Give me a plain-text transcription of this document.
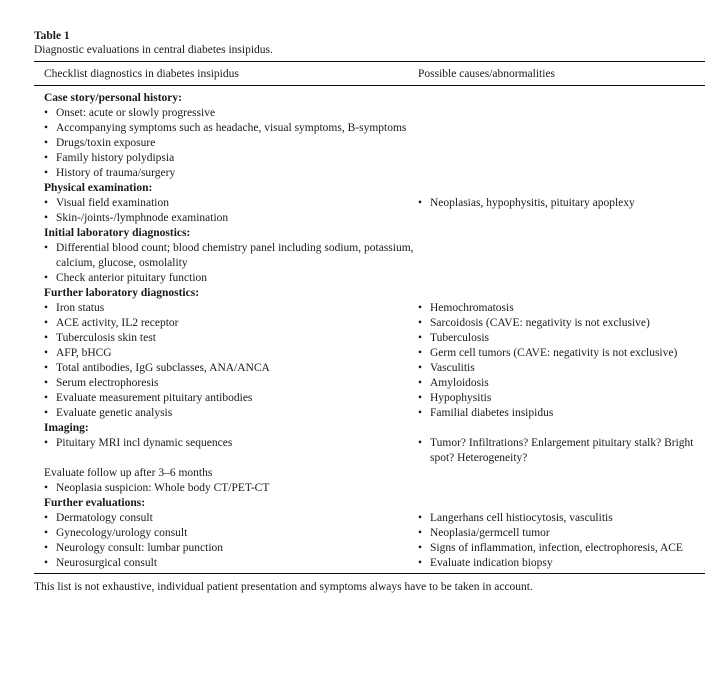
Table 1
Diagnostic evaluations in central diabetes insipidus.
Checklist diagnostics in diabetes insipidus	Possible causes/abnormalities
Case story/personal history:
• Onset: acute or slowly progressive
• Accompanying symptoms such as headache, visual symptoms, B-symptoms
• Drugs/toxin exposure
• Family history polydipsia
• History of trauma/surgery
Physical examination:
• Visual field examination	• Neoplasias, hypophysitis, pituitary apoplexy
• Skin-/joints-/lymphnode examination
Initial laboratory diagnostics:
• Differential blood count; blood chemistry panel including sodium, potassium, calcium, glucose, osmolality
• Check anterior pituitary function
Further laboratory diagnostics:
• Iron status	• Hemochromatosis
• ACE activity, IL2 receptor	• Sarcoidosis (CAVE: negativity is not exclusive)
• Tuberculosis skin test	• Tuberculosis
• AFP, bHCG	• Germ cell tumors (CAVE: negativity is not exclusive)
• Total antibodies, IgG subclasses, ANA/ANCA	• Vasculitis
• Serum electrophoresis	• Amyloidosis
• Evaluate measurement pituitary antibodies	• Hypophysitis
• Evaluate genetic analysis	• Familial diabetes insipidus
Imaging:
• Pituitary MRI incl dynamic sequences	• Tumor? Infiltrations? Enlargement pituitary stalk? Bright spot? Heterogeneity?
Evaluate follow up after 3–6 months
• Neoplasia suspicion: Whole body CT/PET-CT
Further evaluations:
• Dermatology consult	• Langerhans cell histiocytosis, vasculitis
• Gynecology/urology consult	• Neoplasia/germcell tumor
• Neurology consult: lumbar punction	• Signs of inflammation, infection, electrophoresis, ACE
• Neurosurgical consult	• Evaluate indication biopsy
This list is not exhaustive, individual patient presentation and symptoms always have to be taken in account.
